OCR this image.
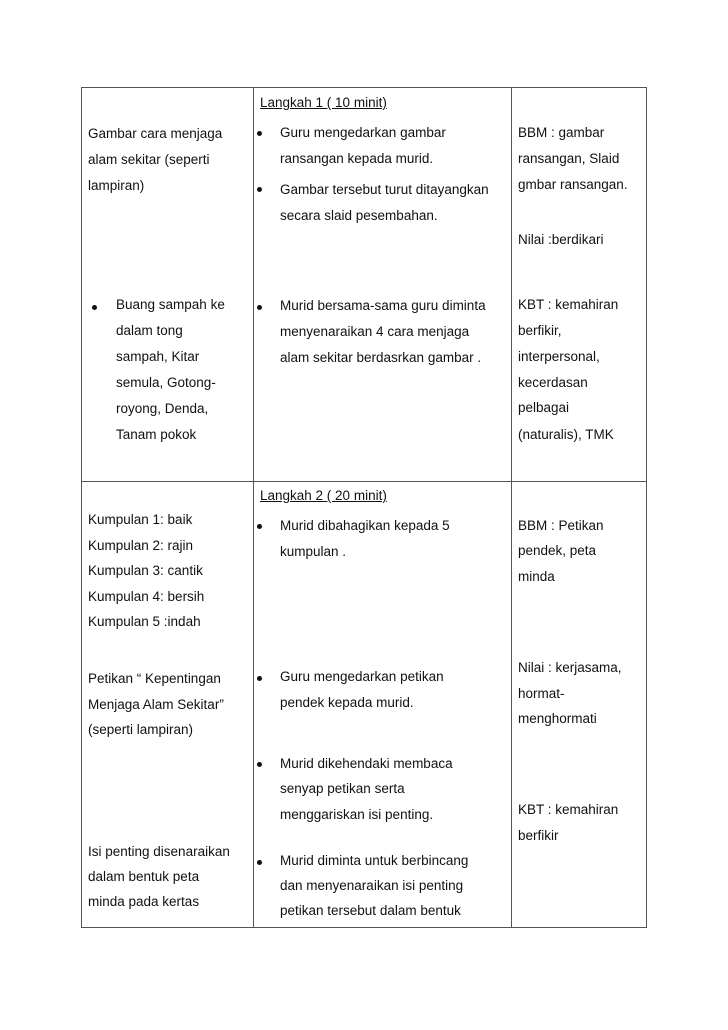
Langkah 1 ( 10 minit)
Gambar cara menjaga
alam sekitar (seperti
lampiran)
Buang sampah ke
dalam tong
sampah, Kitar
semula, Gotong-
royong, Denda,
Tanam pokok
Guru mengedarkan gambar
ransangan kepada murid.
Gambar tersebut turut ditayangkan
secara slaid pesembahan.
Murid bersama-sama guru diminta
menyenaraikan 4 cara menjaga
alam sekitar berdasrkan gambar .
BBM : gambar
ransangan, Slaid
gmbar ransangan.
Nilai :berdikari
KBT : kemahiran
berfikir,
interpersonal,
kecerdasan
pelbagai
(naturalis), TMK
Langkah 2 ( 20 minit)
Kumpulan 1: baik
Kumpulan 2: rajin
Kumpulan 3: cantik
Kumpulan 4: bersih
Kumpulan 5 :indah
Petikan “ Kepentingan
Menjaga Alam Sekitar”
(seperti lampiran)
Isi penting disenaraikan
dalam bentuk peta
minda pada kertas
Murid dibahagikan kepada 5
kumpulan .
Guru mengedarkan petikan
pendek kepada murid.
Murid dikehendaki membaca
senyap petikan serta
menggariskan isi penting.
Murid diminta untuk berbincang
dan menyenaraikan isi penting
petikan tersebut dalam bentuk
BBM : Petikan
pendek, peta
minda
Nilai : kerjasama,
hormat-
menghormati
KBT : kemahiran
berfikir
